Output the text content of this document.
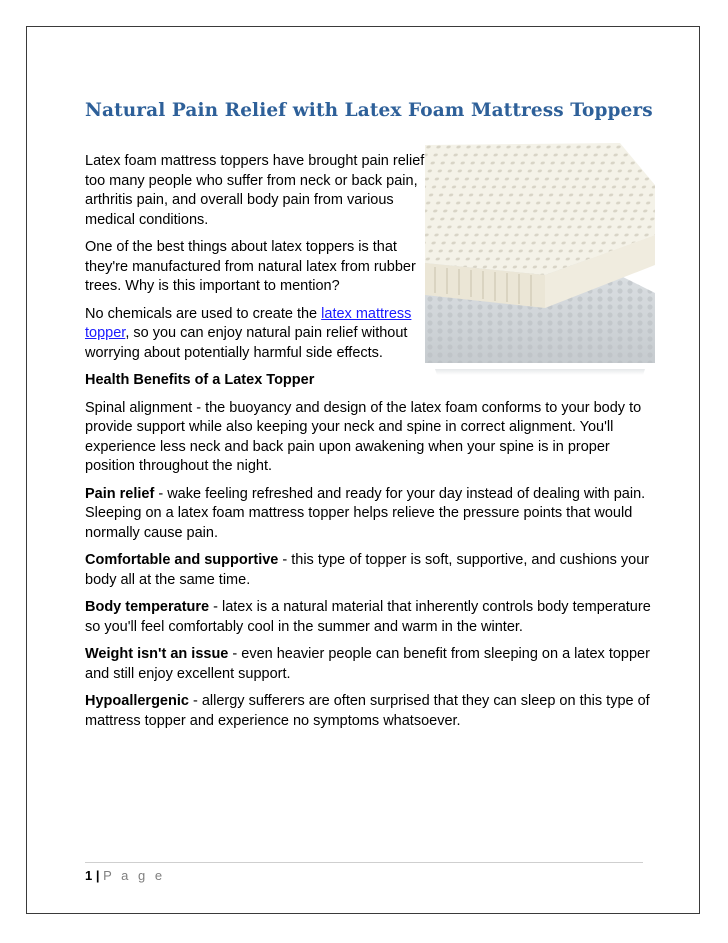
Natural Pain Relief with Latex Foam Mattress Toppers

Latex foam mattress toppers have brought pain relief too many people who suffer from neck or back pain, arthritis pain, and overall body pain from various medical conditions.

One of the best things about latex toppers is that they're manufactured from natural latex from rubber trees. Why is this important to mention?

No chemicals are used to create the latex mattress topper, so you can enjoy natural pain relief without worrying about potentially harmful side effects.

Health Benefits of a Latex Topper

Spinal alignment - the buoyancy and design of the latex foam conforms to your body to provide support while also keeping your neck and spine in correct alignment. You'll experience less neck and back pain upon awakening when your spine is in proper position throughout the night.

Pain relief - wake feeling refreshed and ready for your day instead of dealing with pain. Sleeping on a latex foam mattress topper helps relieve the pressure points that would normally cause pain.

Comfortable and supportive - this type of topper is soft, supportive, and cushions your body all at the same time.

Body temperature - latex is a natural material that inherently controls body temperature so you'll feel comfortably cool in the summer and warm in the winter.

Weight isn't an issue - even heavier people can benefit from sleeping on a latex topper and still enjoy excellent support.

Hypoallergenic - allergy sufferers are often surprised that they can sleep on this type of mattress topper and experience no symptoms whatsoever.

1 | P a g e
